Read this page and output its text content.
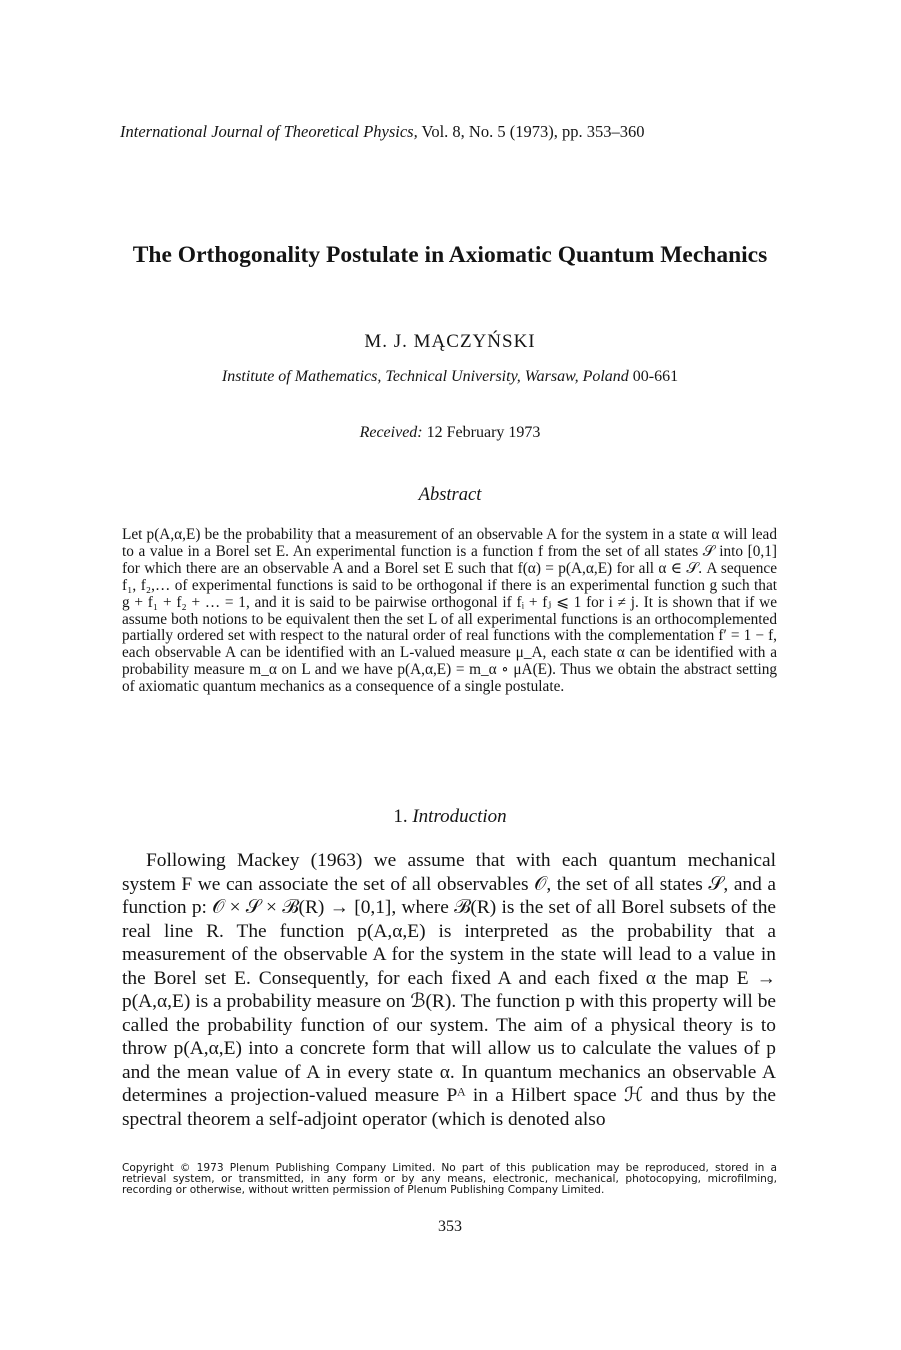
International Journal of Theoretical Physics, Vol. 8, No. 5 (1973), pp. 353–360
The Orthogonality Postulate in Axiomatic Quantum Mechanics
M. J. MĄCZYŃSKI
Institute of Mathematics, Technical University, Warsaw, Poland 00-661
Received: 12 February 1973
Abstract

Let p(A,α,E) be the probability that a measurement of an observable A for the system in a state α will lead to a value in a Borel set E. An experimental function is a function f from the set of all states 𝒮 into [0,1] for which there are an observable A and a Borel set E such that f(α) = p(A,α,E) for all α ∈ 𝒮. A sequence f₁, f₂,… of experimental functions is said to be orthogonal if there is an experimental function g such that g + f₁ + f₂ + … = 1, and it is said to be pairwise orthogonal if fᵢ + fⱼ ⩽ 1 for i ≠ j. It is shown that if we assume both notions to be equivalent then the set L of all experimental functions is an orthocomplemented partially ordered set with respect to the natural order of real functions with the complementation f′ = 1 − f, each observable A can be identified with an L-valued measure μ_A, each state α can be identified with a probability measure m_α on L and we have p(A,α,E) = m_α ∘ μA(E). Thus we obtain the abstract setting of axiomatic quantum mechanics as a consequence of a single postulate.

1. Introduction

Following Mackey (1963) we assume that with each quantum mechanical system F we can associate the set of all observables 𝒪, the set of all states 𝒮, and a function p: 𝒪 × 𝒮 × ℬ(R) → [0,1], where ℬ(R) is the set of all Borel subsets of the real line R. The function p(A,α,E) is interpreted as the probability that a measurement of the observable A for the system in the state will lead to a value in the Borel set E. Consequently, for each fixed A and each fixed α the map E → p(A,α,E) is a probability measure on ℬ(R). The function p with this property will be called the probability function of our system. The aim of a physical theory is to throw p(A,α,E) into a concrete form that will allow us to calculate the values of p and the mean value of A in every state α. In quantum mechanics an observable A determines a projection-valued measure Pᴬ in a Hilbert space ℋ and thus by the spectral theorem a self-adjoint operator (which is denoted also

Copyright © 1973 Plenum Publishing Company Limited. No part of this publication may be reproduced, stored in a retrieval system, or transmitted, in any form or by any means, electronic, mechanical, photocopying, microfilming, recording or otherwise, without written permission of Plenum Publishing Company Limited.

353
